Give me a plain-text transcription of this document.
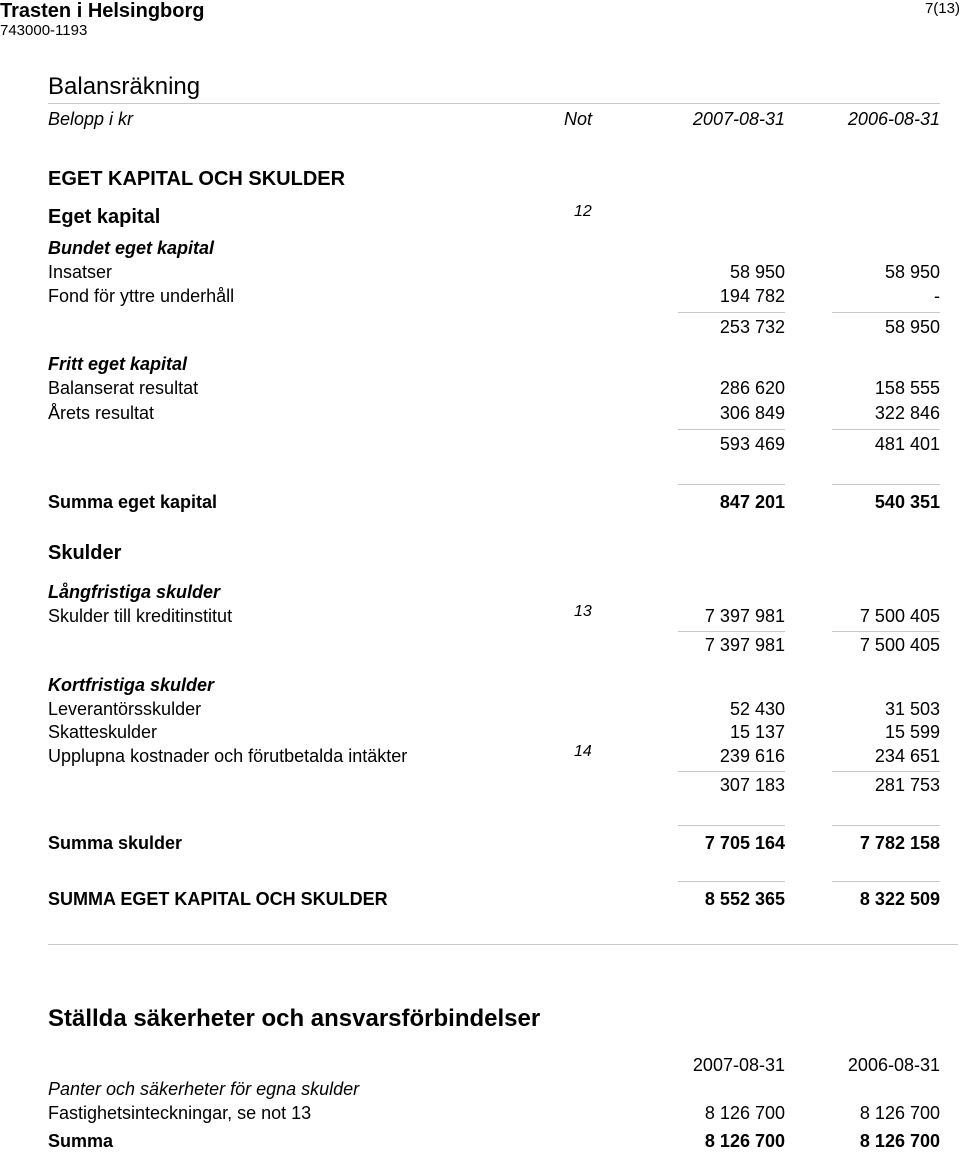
Trasten i Helsingborg
743000-1193
7(13)
Balansräkning
Belopp i kr	Not	2007-08-31	2006-08-31
EGET KAPITAL OCH SKULDER
Eget kapital	12
Bundet eget kapital
Insatser	58 950	58 950
Fond för yttre underhåll	194 782	-
253 732	58 950
Fritt eget kapital
Balanserat resultat	286 620	158 555
Årets resultat	306 849	322 846
593 469	481 401
Summa eget kapital	847 201	540 351
Skulder
Långfristiga skulder
Skulder till kreditinstitut	13	7 397 981	7 500 405
7 397 981	7 500 405
Kortfristiga skulder
Leverantörsskulder	52 430	31 503
Skatteskulder	15 137	15 599
Upplupna kostnader och förutbetalda intäkter	14	239 616	234 651
307 183	281 753
Summa skulder	7 705 164	7 782 158
SUMMA EGET KAPITAL OCH SKULDER	8 552 365	8 322 509
Ställda säkerheter och ansvarsförbindelser
2007-08-31	2006-08-31
Panter och säkerheter för egna skulder
Fastighetsinteckningar, se not 13	8 126 700	8 126 700
Summa	8 126 700	8 126 700
